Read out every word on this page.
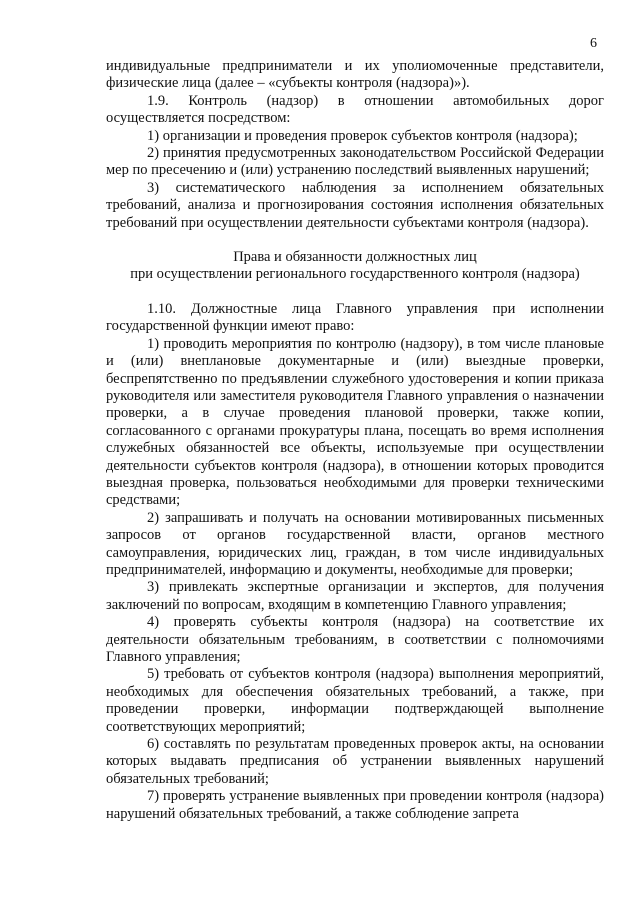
6

индивидуальные предприниматели и их уполиомоченные представители, физические лица (далее – «субъекты контроля (надзора)»).

1.9. Контроль (надзор) в отношении автомобильных дорог осуществляется посредством:

1) организации и проведения проверок субъектов контроля (надзора);

2) принятия предусмотренных законодательством Российской Федерации мер по пресечению и (или) устранению последствий выявленных нарушений;

3) систематического наблюдения за исполнением обязательных требований, анализа и прогнозирования состояния исполнения обязательных требований при осуществлении деятельности субъектами контроля (надзора).

Права и обязанности должностных лиц
при осуществлении регионального государственного контроля (надзора)

1.10. Должностные лица Главного управления при исполнении государственной функции имеют право:

1) проводить мероприятия по контролю (надзору), в том числе плановые и (или) внеплановые документарные и (или) выездные проверки, беспрепятственно по предъявлении служебного удостоверения и копии приказа руководителя или заместителя руководителя Главного управления о назначении проверки, а в случае проведения плановой проверки, также копии, согласованного с органами прокуратуры плана, посещать во время исполнения служебных обязанностей все объекты, используемые при осуществлении деятельности субъектов контроля (надзора), в отношении которых проводится выездная проверка, пользоваться необходимыми для проверки техническими средствами;

2) запрашивать и получать на основании мотивированных письменных запросов от органов государственной власти, органов местного самоуправления, юридических лиц, граждан, в том числе индивидуальных предпринимателей, информацию и документы, необходимые для проверки;

3) привлекать экспертные организации и экспертов, для получения заключений по вопросам, входящим в компетенцию Главного управления;

4) проверять субъекты контроля (надзора) на соответствие их деятельности обязательным требованиям, в соответствии с полномочиями Главного управления;

5) требовать от субъектов контроля (надзора) выполнения мероприятий, необходимых для обеспечения обязательных требований, а также, при проведении проверки, информации подтверждающей выполнение соответствующих мероприятий;

6) составлять по результатам проведенных проверок акты, на основании которых выдавать предписания об устранении выявленных нарушений обязательных требований;

7) проверять устранение выявленных при проведении контроля (надзора) нарушений обязательных требований, а также соблюдение запрета
